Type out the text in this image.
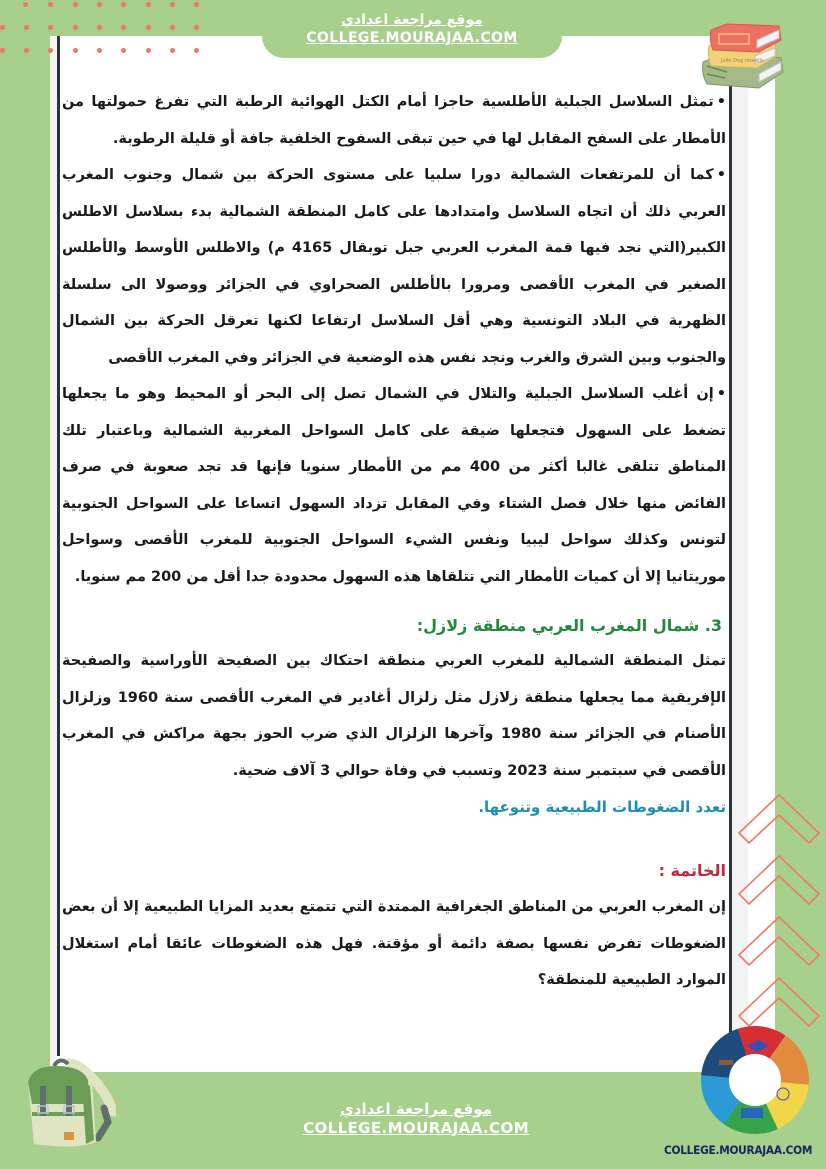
موقع مراجعة اعدادي
COLLEGE.MOURAJAA.COM
Julie Dog nowells

•تمثل السلاسل الجبلية الأطلسية حاجزا أمام الكتل الهوائية الرطبة التي تفرغ حمولتها من الأمطار على السفح المقابل لها في حين تبقى السفوح الخلفية جافة أو قليلة الرطوبة.

•كما أن للمرتفعات الشمالية دورا سلبيا على مستوى الحركة بين شمال وجنوب المغرب العربي ذلك أن اتجاه السلاسل وامتدادها على كامل المنطقة الشمالية بدء بسلاسل الاطلس الكبير(التي نجد فيها قمة المغرب العربي جبل توبقال 4165 م) والاطلس الأوسط والأطلس الصغير في المغرب الأقصى ومرورا بالأطلس الصحراوي في الجزائر ووصولا الى سلسلة الظهرية في البلاد التونسية وهي أقل السلاسل ارتفاعا لكنها تعرقل الحركة بين الشمال والجنوب وبين الشرق والغرب ونجد نفس هذه الوضعية في الجزائر وفي المغرب الأقصى

•إن أغلب السلاسل الجبلية والتلال في الشمال تصل إلى البحر أو المحيط وهو ما يجعلها تضغط على السهول فتجعلها ضيقة على كامل السواحل المغربية الشمالية وباعتبار تلك المناطق تتلقى غالبا أكثر من 400 مم من الأمطار سنويا فإنها قد تجد صعوبة في صرف الفائض منها خلال فصل الشتاء وفي المقابل تزداد السهول اتساعا على السواحل الجنوبية لتونس وكذلك سواحل ليبيا ونفس الشيء السواحل الجنوبية للمغرب الأقصى وسواحل موريتانيا إلا أن كميات الأمطار التي تتلقاها هذه السهول محدودة جدا أقل من 200 مم سنويا.

3. شمال المغرب العربي منطقة زلازل:

تمثل المنطقة الشمالية للمغرب العربي منطقة احتكاك بين الصفيحة الأوراسية والصفيحة الإفريقية مما يجعلها منطقة زلازل مثل زلزال أغادير في المغرب الأقصى سنة 1960 وزلزال الأصنام في الجزائر سنة 1980 وآخرها الزلزال الذي ضرب الحوز بجهة مراكش في المغرب الأقصى في سبتمبر سنة 2023 وتسبب في وفاة حوالي 3 آلاف ضحية.

تعدد الضغوطات الطبيعية وتنوعها.
الخاتمة :

إن المغرب العربي من المناطق الجغرافية الممتدة التي تتمتع بعديد المزايا الطبيعية إلا أن بعض الضغوطات تفرض نفسها بصفة دائمة أو مؤقتة. فهل هذه الضغوطات عائقا أمام استغلال الموارد الطبيعية للمنطقة؟

موقع مراجعة اعدادي
COLLEGE.MOURAJAA.COM
COLLEGE.MOURAJAA.COM
